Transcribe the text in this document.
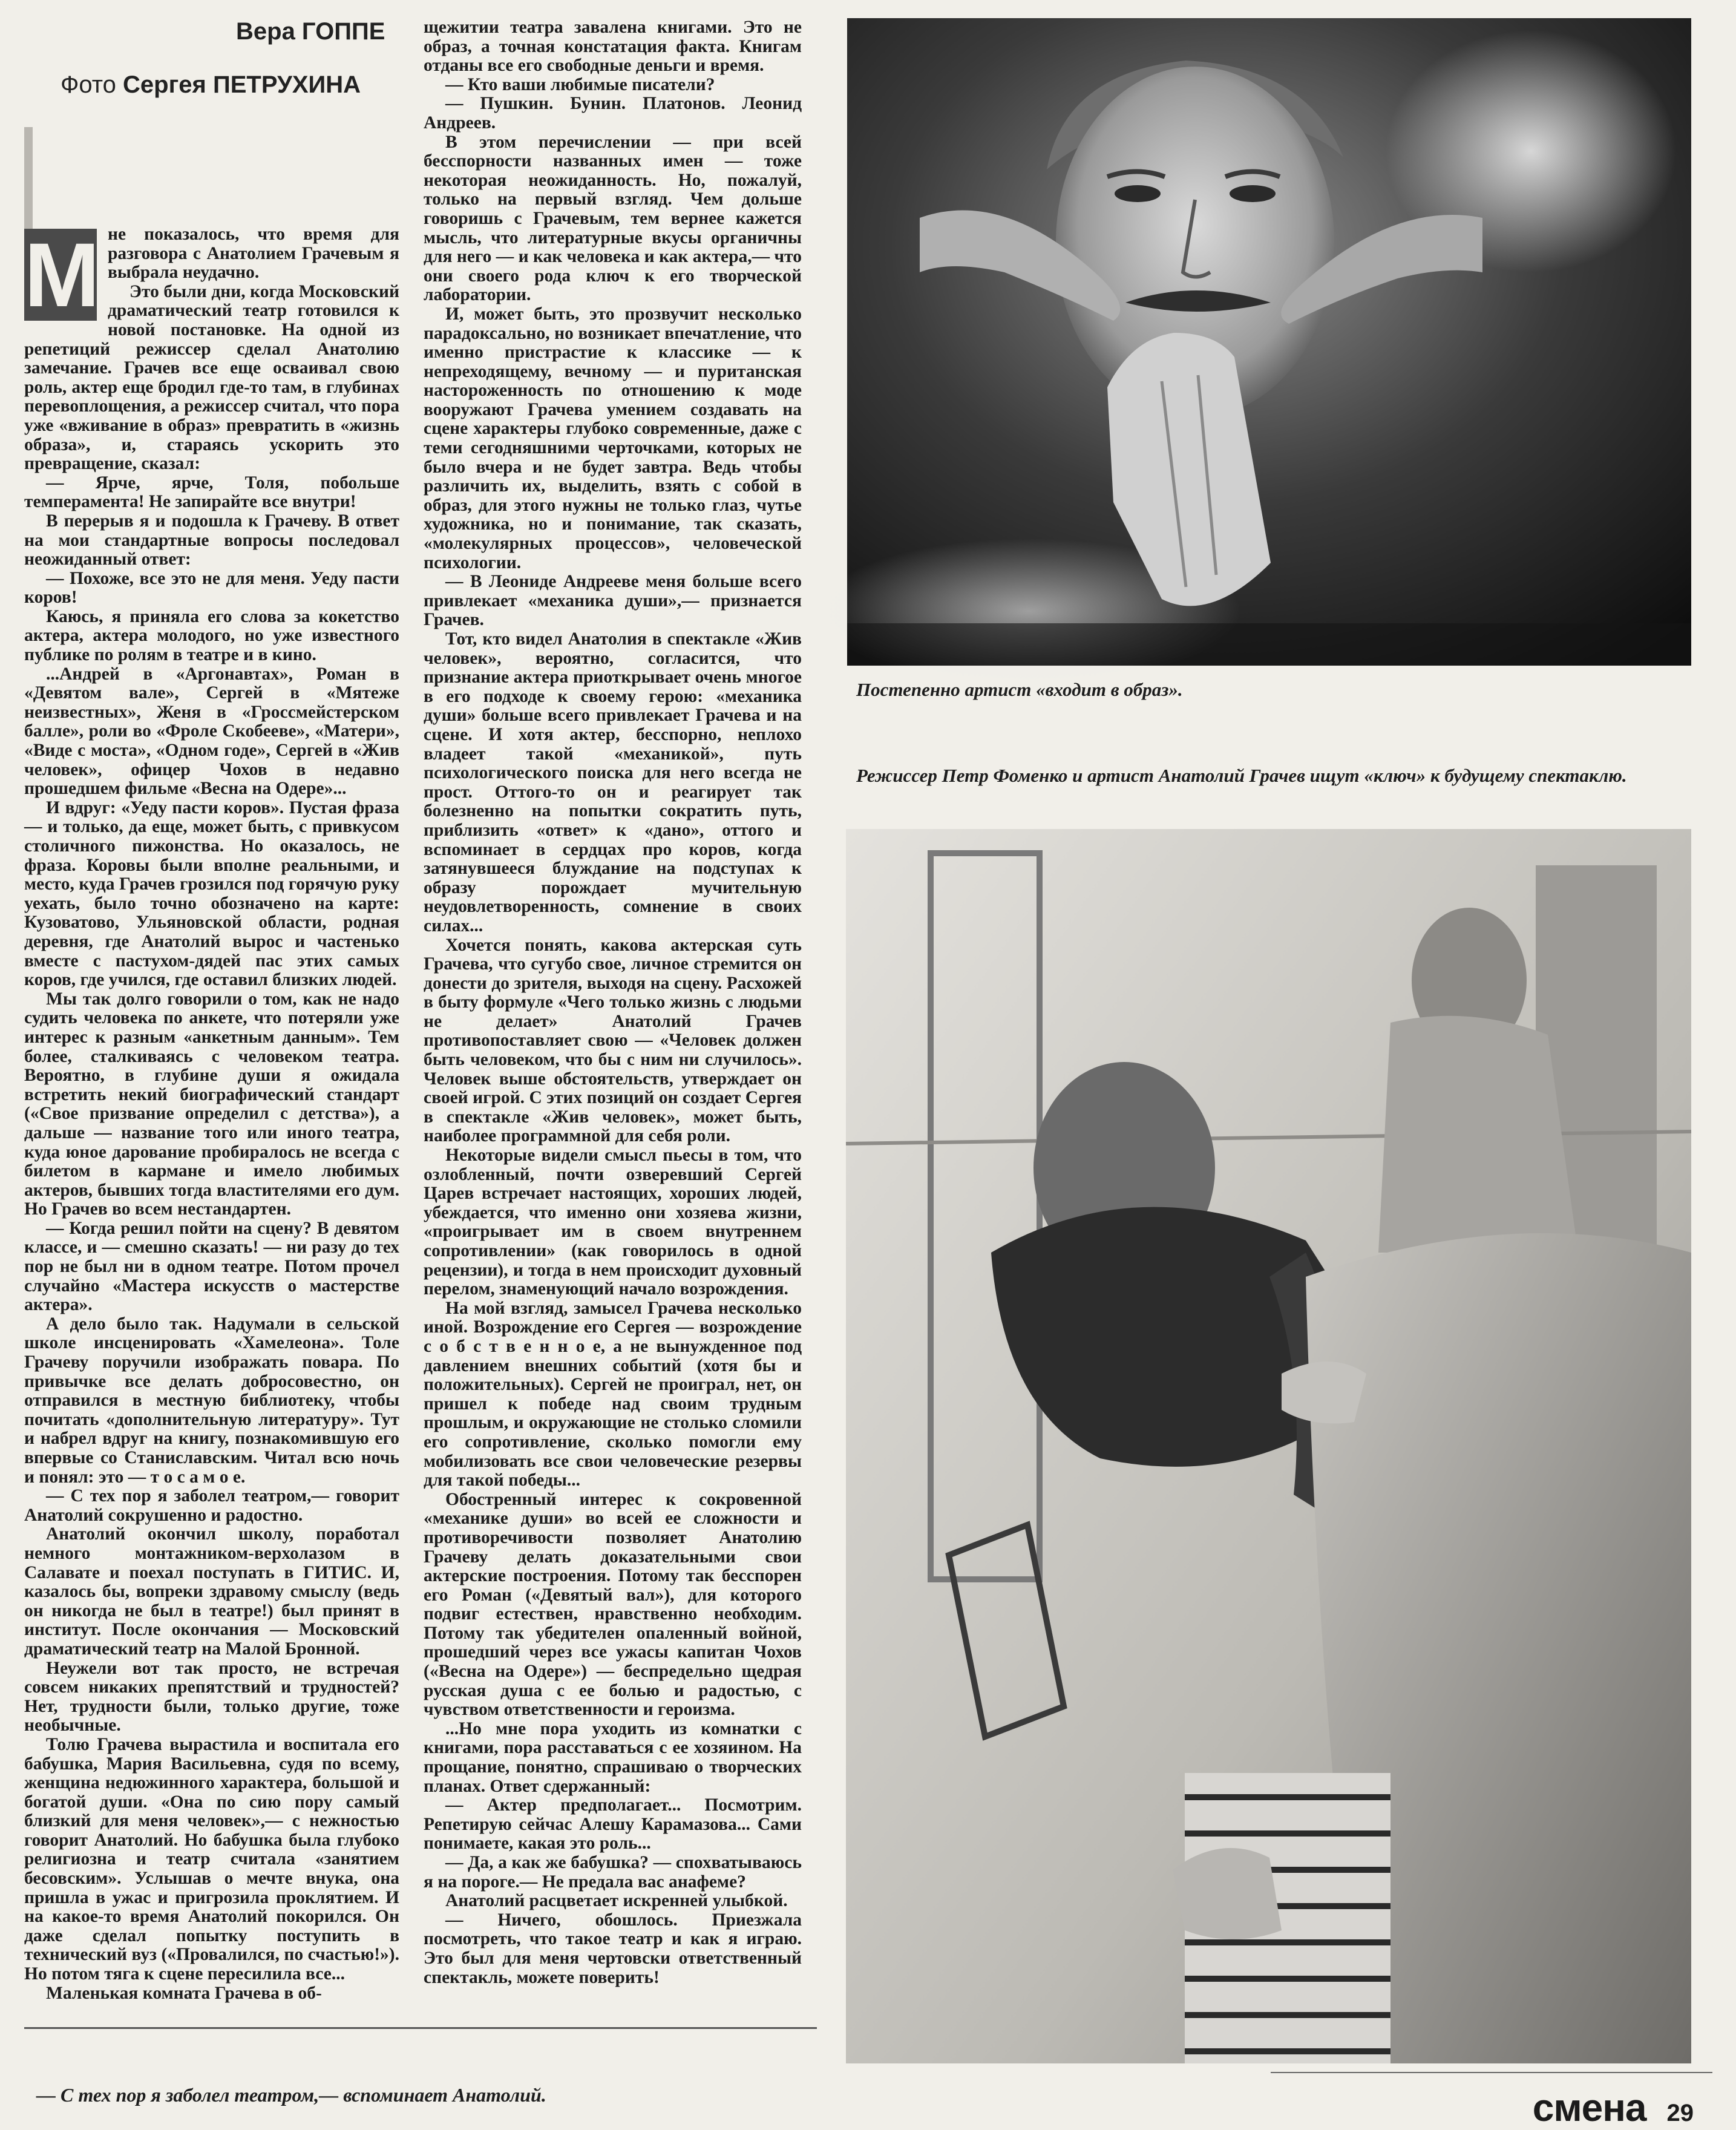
Вера ГОППЕ
Фото Сергея ПЕТРУХИНА

М не показалось, что время для разговора с Анатолием Грачевым я выбрала неудачно.

Это были дни, когда Московский драматический театр готовился к новой постановке. На одной из репетиций режиссер сделал Анатолию замечание. Грачев все еще осваивал свою роль, актер еще бродил где-то там, в глубинах перевоплощения, а режиссер считал, что пора уже «вживание в образ» превратить в «жизнь образа», и, стараясь ускорить это превращение, сказал:

— Ярче, ярче, Толя, побольше темперамента! Не запирайте все внутри!

В перерыв я и подошла к Грачеву. В ответ на мои стандартные вопросы последовал неожиданный ответ:

— Похоже, все это не для меня. Уеду пасти коров!

Каюсь, я приняла его слова за кокетство актера, актера молодого, но уже известного публике по ролям в театре и в кино.

...Андрей в «Аргонавтах», Роман в «Девятом вале», Сергей в «Мятеже неизвестных», Женя в «Гроссмейстерском балле», роли во «Фроле Скобееве», «Матери», «Виде с моста», «Одном годе», Сергей в «Жив человек», офицер Чохов в недавно прошедшем фильме «Весна на Одере»...

И вдруг: «Уеду пасти коров». Пустая фраза — и только, да еще, может быть, с привкусом столичного пижонства. Но оказалось, не фраза. Коровы были вполне реальными, и место, куда Грачев грозился под горячую руку уехать, было точно обозначено на карте: Кузоватово, Ульяновской области, родная деревня, где Анатолий вырос и частенько вместе с пастухом-дядей пас этих самых коров, где учился, где оставил близких людей.

Мы так долго говорили о том, как не надо судить человека по анкете, что потеряли уже интерес к разным «анкетным данным». Тем более, сталкиваясь с человеком театра. Вероятно, в глубине души я ожидала встретить некий биографический стандарт («Свое призвание определил с детства»), а дальше — название того или иного театра, куда юное дарование пробиралось не всегда с билетом в кармане и имело любимых актеров, бывших тогда властителями его дум. Но Грачев во всем нестандартен.

— Когда решил пойти на сцену? В девятом классе, и — смешно сказать! — ни разу до тех пор не был ни в одном театре. Потом прочел случайно «Мастера искусств о мастерстве актера».

А дело было так. Надумали в сельской школе инсценировать «Хамелеона». Толе Грачеву поручили изображать повара. По привычке все делать добросовестно, он отправился в местную библиотеку, чтобы почитать «дополнительную литературу». Тут и набрел вдруг на книгу, познакомившую его впервые со Станиславским. Читал всю ночь и понял: это — т о с а м о е.

— С тех пор я заболел театром,— говорит Анатолий сокрушенно и радостно.

Анатолий окончил школу, поработал немного монтажником-верхолазом в Салавате и поехал поступать в ГИТИС. И, казалось бы, вопреки здравому смыслу (ведь он никогда не был в театре!) был принят в институт. После окончания — Московский драматический театр на Малой Бронной.

Неужели вот так просто, не встречая совсем никаких препятствий и трудностей? Нет, трудности были, только другие, тоже необычные.

Толю Грачева вырастила и воспитала его бабушка, Мария Васильевна, судя по всему, женщина недюжинного характера, большой и богатой души. «Она по сию пору самый близкий для меня человек»,— с нежностью говорит Анатолий. Но бабушка была глубоко религиозна и театр считала «занятием бесовским». Услышав о мечте внука, она пришла в ужас и пригрозила проклятием. И на какое-то время Анатолий покорился. Он даже сделал попытку поступить в технический вуз («Провалился, по счастью!»). Но потом тяга к сцене пересилила все...

Маленькая комната Грачева в об-

щежитии театра завалена книгами. Это не образ, а точная констатация факта. Книгам отданы все его свободные деньги и время.

— Кто ваши любимые писатели?

— Пушкин. Бунин. Платонов. Леонид Андреев.

В этом перечислении — при всей бесспорности названных имен — тоже некоторая неожиданность. Но, пожалуй, только на первый взгляд. Чем дольше говоришь с Грачевым, тем вернее кажется мысль, что литературные вкусы органичны для него — и как человека и как актера,— что они своего рода ключ к его творческой лаборатории.

И, может быть, это прозвучит несколько парадоксально, но возникает впечатление, что именно пристрастие к классике — к непреходящему, вечному — и пуританская настороженность по отношению к моде вооружают Грачева умением создавать на сцене характеры глубоко современные, даже с теми сегодняшними черточками, которых не было вчера и не будет завтра. Ведь чтобы различить их, выделить, взять с собой в образ, для этого нужны не только глаз, чутье художника, но и понимание, так сказать, «молекулярных процессов», человеческой психологии.

— В Леониде Андрееве меня больше всего привлекает «механика души»,— признается Грачев.

Тот, кто видел Анатолия в спектакле «Жив человек», вероятно, согласится, что признание актера приоткрывает очень многое в его подходе к своему герою: «механика души» больше всего привлекает Грачева и на сцене. И хотя актер, бесспорно, неплохо владеет такой «механикой», путь психологического поиска для него всегда не прост. Оттого-то он и реагирует так болезненно на попытки сократить путь, приблизить «ответ» к «дано», оттого и вспоминает в сердцах про коров, когда затянувшееся блуждание на подступах к образу порождает мучительную неудовлетворенность, сомнение в своих силах...

Хочется понять, какова актерская суть Грачева, что сугубо свое, личное стремится он донести до зрителя, выходя на сцену. Расхожей в быту формуле «Чего только жизнь с людьми не делает» Анатолий Грачев противопоставляет свою — «Человек должен быть человеком, что бы с ним ни случилось». Человек выше обстоятельств, утверждает он своей игрой. С этих позиций он создает Сергея в спектакле «Жив человек», может быть, наиболее программной для себя роли.

Некоторые видели смысл пьесы в том, что озлобленный, почти озверевший Сергей Царев встречает настоящих, хороших людей, убеждается, что именно они хозяева жизни, «проигрывает им в своем внутреннем сопротивлении» (как говорилось в одной рецензии), и тогда в нем происходит духовный перелом, знаменующий начало возрождения.

На мой взгляд, замысел Грачева несколько иной. Возрождение его Сергея — возрождение с о б с т в е н н о е, а не вынужденное под давлением внешних событий (хотя бы и положительных). Сергей не проиграл, нет, он пришел к победе над своим трудным прошлым, и окружающие не столько сломили его сопротивление, сколько помогли ему мобилизовать все свои человеческие резервы для такой победы...

Обостренный интерес к сокровенной «механике души» во всей ее сложности и противоречивости позволяет Анатолию Грачеву делать доказательными свои актерские построения. Потому так бесспорен его Роман («Девятый вал»), для которого подвиг естествен, нравственно необходим. Потому так убедителен опаленный войной, прошедший через все ужасы капитан Чохов («Весна на Одере») — беспредельно щедрая русская душа с ее болью и радостью, с чувством ответственности и героизма.

...Но мне пора уходить из комнатки с книгами, пора расставаться с ее хозяином. На прощание, понятно, спрашиваю о творческих планах. Ответ сдержанный:

— Актер предполагает... Посмотрим. Репетирую сейчас Алешу Карамазова... Сами понимаете, какая это роль...

— Да, а как же бабушка? — спохватываюсь я на пороге.— Не предала вас анафеме?

Анатолий расцветает искренней улыбкой.

— Ничего, обошлось. Приезжала посмотреть, что такое театр и как я играю. Это был для меня чертовски ответственный спектакль, можете поверить!

Постепенно артист «входит в образ».
Режиссер Петр Фоменко и артист Анатолий Грачев ищут «ключ» к будущему спектаклю.
— С тех пор я заболел театром,— вспоминает Анатолий.	смена 29
